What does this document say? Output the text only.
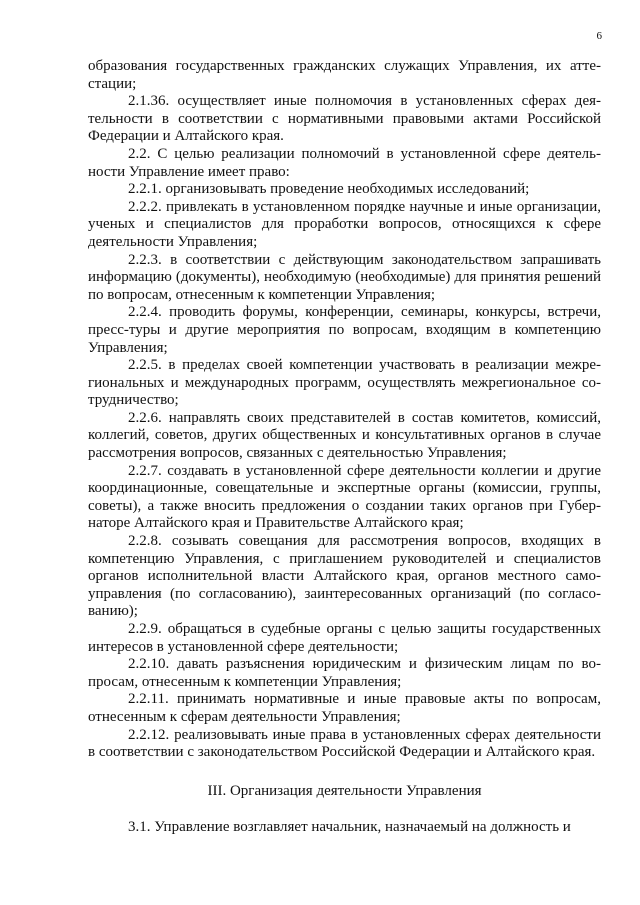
6

образования государственных гражданских служащих Управления, их аттестации;

2.1.36. осуществляет иные полномочия в установленных сферах деятельности в соответствии с нормативными правовыми актами Российской Федерации и Алтайского края.

2.2. С целью реализации полномочий в установленной сфере деятельности Управление имеет право:

2.2.1. организовывать проведение необходимых исследований;

2.2.2. привлекать в установленном порядке научные и иные организации, ученых и специалистов для проработки вопросов, относящихся к сфере деятельности Управления;

2.2.3. в соответствии с действующим законодательством запрашивать информацию (документы), необходимую (необходимые) для принятия решений по вопросам, отнесенным к компетенции Управления;

2.2.4. проводить форумы, конференции, семинары, конкурсы, встречи, пресс-туры и другие мероприятия по вопросам, входящим в компетенцию Управления;

2.2.5. в пределах своей компетенции участвовать в реализации межрегиональных и международных программ, осуществлять межрегиональное сотрудничество;

2.2.6. направлять своих представителей в состав комитетов, комиссий, коллегий, советов, других общественных и консультативных органов в случае рассмотрения вопросов, связанных с деятельностью Управления;

2.2.7. создавать в установленной сфере деятельности коллегии и другие координационные, совещательные и экспертные органы (комиссии, группы, советы), а также вносить предложения о создании таких органов при Губернаторе Алтайского края и Правительстве Алтайского края;

2.2.8. созывать совещания для рассмотрения вопросов, входящих в компетенцию Управления, с приглашением руководителей и специалистов органов исполнительной власти Алтайского края, органов местного самоуправления (по согласованию), заинтересованных организаций (по согласованию);

2.2.9. обращаться в судебные органы с целью защиты государственных интересов в установленной сфере деятельности;

2.2.10. давать разъяснения юридическим и физическим лицам по вопросам, отнесенным к компетенции Управления;

2.2.11. принимать нормативные и иные правовые акты по вопросам, отнесенным к сферам деятельности Управления;

2.2.12. реализовывать иные права в установленных сферах деятельности в соответствии с законодательством Российской Федерации и Алтайского края.

III. Организация деятельности Управления

3.1. Управление возглавляет начальник, назначаемый на должность и
